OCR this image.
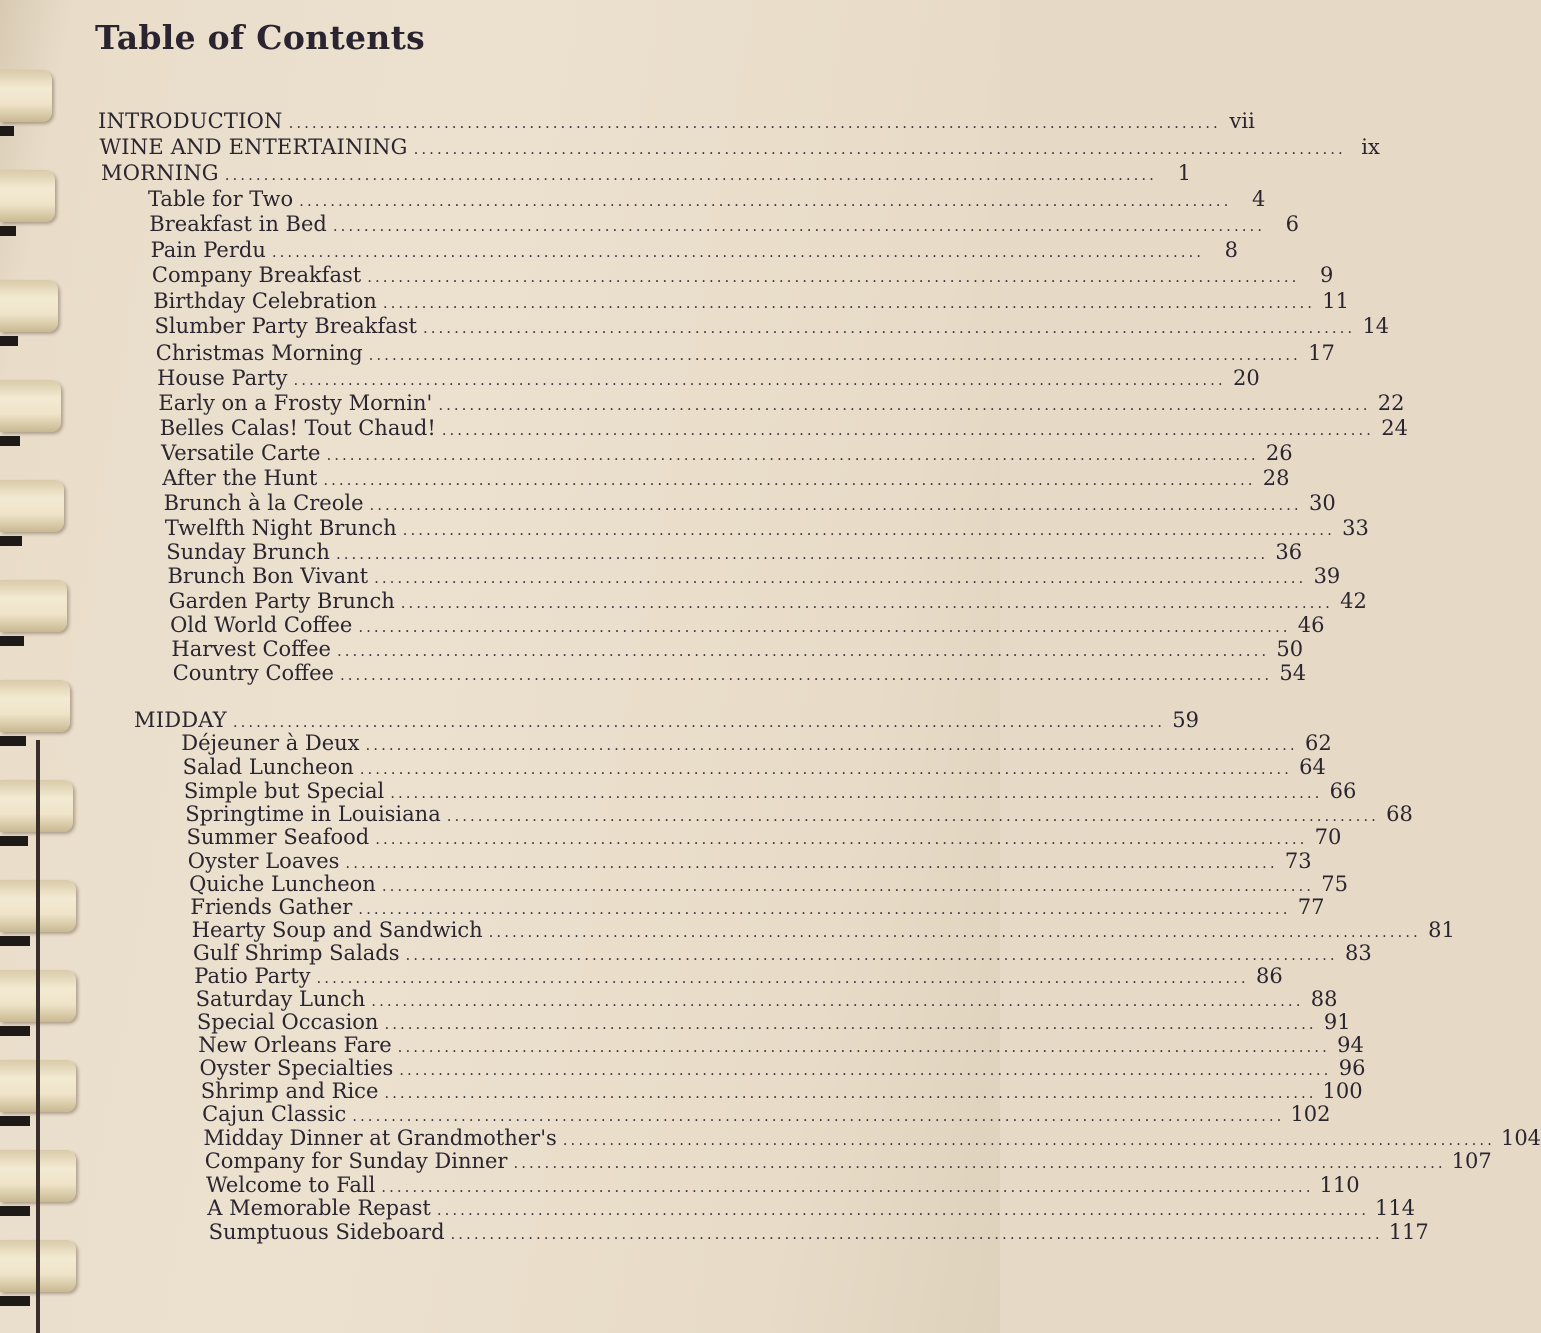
Table of Contents
INTRODUCTION ........................................................................................................................ vii
WINE AND ENTERTAINING ........................................................................................................................ ix
MORNING ........................................................................................................................ 1
Table for Two ........................................................................................................................ 4
Breakfast in Bed ........................................................................................................................ 6
Pain Perdu ........................................................................................................................ 8
Company Breakfast ........................................................................................................................ 9
Birthday Celebration ........................................................................................................................ 11
Slumber Party Breakfast ........................................................................................................................ 14
Christmas Morning ........................................................................................................................ 17
House Party ........................................................................................................................ 20
Early on a Frosty Mornin' ........................................................................................................................ 22
Belles Calas! Tout Chaud! ........................................................................................................................ 24
Versatile Carte ........................................................................................................................ 26
After the Hunt ........................................................................................................................ 28
Brunch à la Creole ........................................................................................................................ 30
Twelfth Night Brunch ........................................................................................................................ 33
Sunday Brunch ........................................................................................................................ 36
Brunch Bon Vivant ........................................................................................................................ 39
Garden Party Brunch ........................................................................................................................ 42
Old World Coffee ........................................................................................................................ 46
Harvest Coffee ........................................................................................................................ 50
Country Coffee ........................................................................................................................ 54
MIDDAY ........................................................................................................................ 59
Déjeuner à Deux ........................................................................................................................ 62
Salad Luncheon ........................................................................................................................ 64
Simple but Special ........................................................................................................................ 66
Springtime in Louisiana ........................................................................................................................ 68
Summer Seafood ........................................................................................................................ 70
Oyster Loaves ........................................................................................................................ 73
Quiche Luncheon ........................................................................................................................ 75
Friends Gather ........................................................................................................................ 77
Hearty Soup and Sandwich ........................................................................................................................ 81
Gulf Shrimp Salads ........................................................................................................................ 83
Patio Party ........................................................................................................................ 86
Saturday Lunch ........................................................................................................................ 88
Special Occasion ........................................................................................................................ 91
New Orleans Fare ........................................................................................................................ 94
Oyster Specialties ........................................................................................................................ 96
Shrimp and Rice ........................................................................................................................ 100
Cajun Classic ........................................................................................................................ 102
Midday Dinner at Grandmother's ........................................................................................................................ 104
Company for Sunday Dinner ........................................................................................................................ 107
Welcome to Fall ........................................................................................................................ 110
A Memorable Repast ........................................................................................................................ 114
Sumptuous Sideboard ........................................................................................................................ 117
